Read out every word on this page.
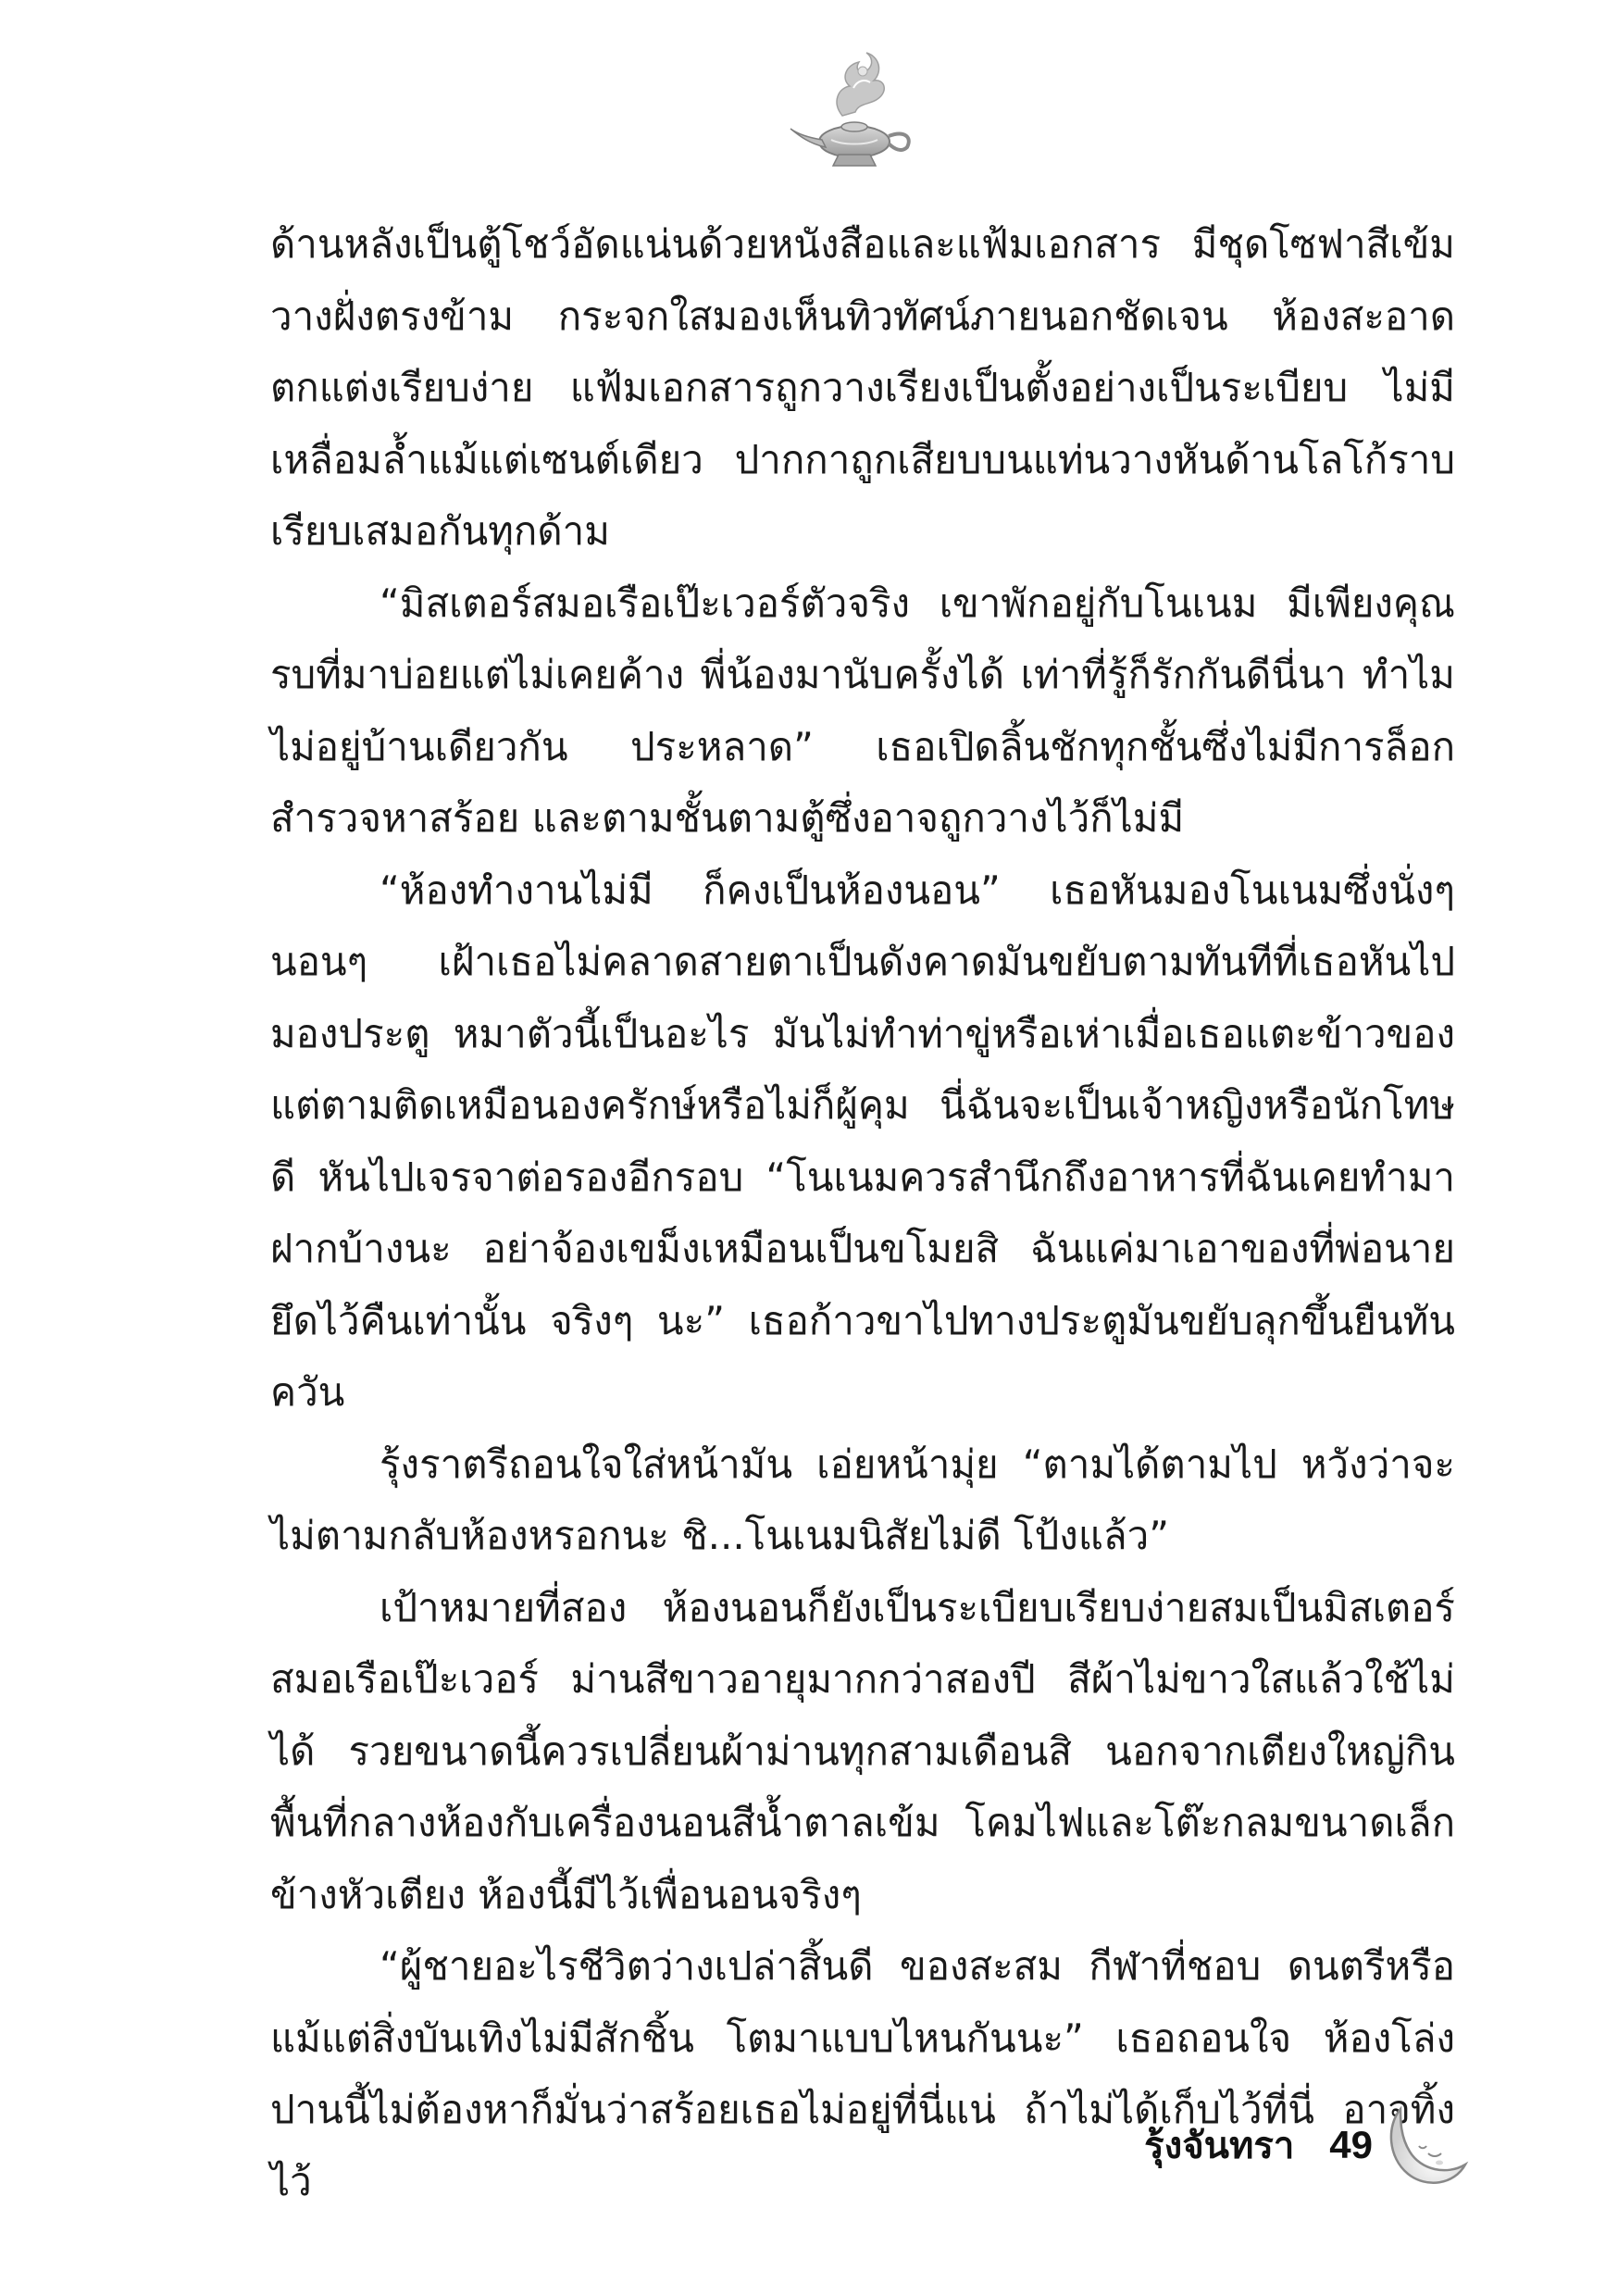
ด้านหลังเป็นตู้โชว์อัดแน่นด้วยหนังสือและแฟ้มเอกสาร มีชุดโซฟาสีเข้มวางฝั่งตรงข้าม กระจกใสมองเห็นทิวทัศน์ภายนอกชัดเจน ห้องสะอาดตกแต่งเรียบง่าย แฟ้มเอกสารถูกวางเรียงเป็นตั้งอย่างเป็นระเบียบ ไม่มีเหลื่อมล้ำแม้แต่เซนต์เดียว ปากกาถูกเสียบบนแท่นวางหันด้านโลโก้ราบเรียบเสมอกันทุกด้าม

“มิสเตอร์สมอเรือเป๊ะเวอร์ตัวจริง เขาพักอยู่กับโนเนม มีเพียงคุณรบที่มาบ่อยแต่ไม่เคยค้าง พี่น้องมานับครั้งได้ เท่าที่รู้ก็รักกันดีนี่นา ทำไมไม่อยู่บ้านเดียวกัน ประหลาด” เธอเปิดลิ้นชักทุกชั้นซึ่งไม่มีการล็อกสำรวจหาสร้อย และตามชั้นตามตู้ซึ่งอาจถูกวางไว้ก็ไม่มี

“ห้องทำงานไม่มี ก็คงเป็นห้องนอน” เธอหันมองโนเนมซึ่งนั่งๆ นอนๆ เฝ้าเธอไม่คลาดสายตาเป็นดังคาดมันขยับตามทันทีที่เธอหันไปมองประตู หมาตัวนี้เป็นอะไร มันไม่ทำท่าขู่หรือเห่าเมื่อเธอแตะข้าวของ แต่ตามติดเหมือนองครักษ์หรือไม่ก็ผู้คุม นี่ฉันจะเป็นเจ้าหญิงหรือนักโทษดี หันไปเจรจาต่อรองอีกรอบ “โนเนมควรสำนึกถึงอาหารที่ฉันเคยทำมาฝากบ้างนะ อย่าจ้องเขม็งเหมือนเป็นขโมยสิ ฉันแค่มาเอาของที่พ่อนายยึดไว้คืนเท่านั้น จริงๆ นะ” เธอก้าวขาไปทางประตูมันขยับลุกขึ้นยืนทันควัน

รุ้งราตรีถอนใจใส่หน้ามัน เอ่ยหน้ามุ่ย “ตามได้ตามไป หวังว่าจะไม่ตามกลับห้องหรอกนะ ชิ...โนเนมนิสัยไม่ดี โป้งแล้ว”

เป้าหมายที่สอง ห้องนอนก็ยังเป็นระเบียบเรียบง่ายสมเป็นมิสเตอร์สมอเรือเป๊ะเวอร์ ม่านสีขาวอายุมากกว่าสองปี สีผ้าไม่ขาวใสแล้วใช้ไม่ได้ รวยขนาดนี้ควรเปลี่ยนผ้าม่านทุกสามเดือนสิ นอกจากเตียงใหญ่กินพื้นที่กลางห้องกับเครื่องนอนสีน้ำตาลเข้ม โคมไฟและโต๊ะกลมขนาดเล็กข้างหัวเตียง ห้องนี้มีไว้เพื่อนอนจริงๆ

“ผู้ชายอะไรชีวิตว่างเปล่าสิ้นดี ของสะสม กีฬาที่ชอบ ดนตรีหรือแม้แต่สิ่งบันเทิงไม่มีสักชิ้น โตมาแบบไหนกันนะ” เธอถอนใจ ห้องโล่งปานนี้ไม่ต้องหาก็มั่นว่าสร้อยเธอไม่อยู่ที่นี่แน่ ถ้าไม่ได้เก็บไว้ที่นี่ อาจทิ้งไว้

รุ้งจันทรา 49
